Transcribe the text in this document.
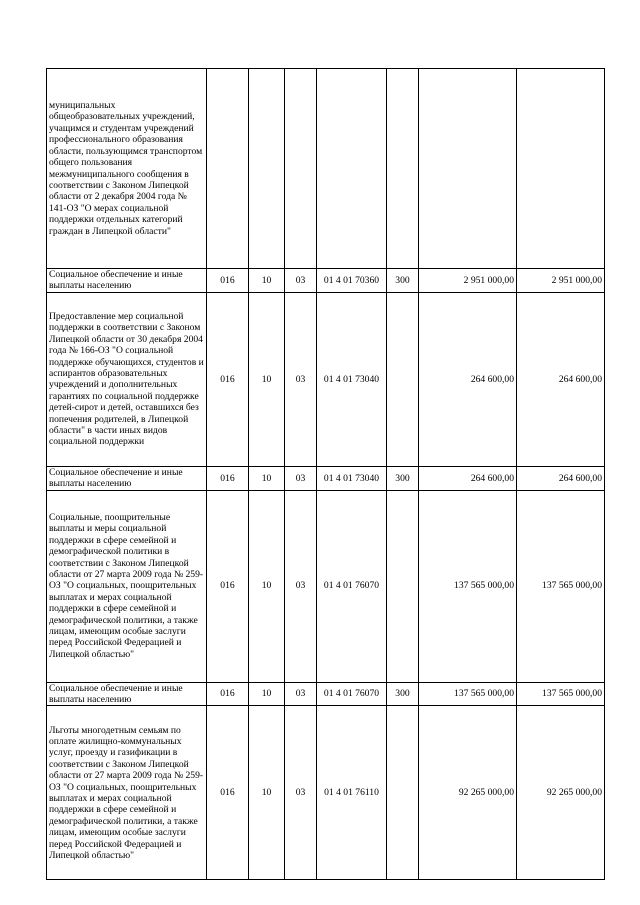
муниципальных общеобразовательных учреждений, учащимся и студентам учреждений профессионального образования области, пользующимся транспортом общего пользования межмуниципального сообщения в соответствии с Законом Липецкой области от 2 декабря 2004 года № 141-ОЗ "О мерах социальной поддержки отдельных категорий граждан в Липецкой области"							
Социальное обеспечение и иные выплаты населению	016	10	03	01 4 01 70360	300	2 951 000,00	2 951 000,00
Предоставление мер социальной поддержки в соответствии с Законом Липецкой области от 30 декабря 2004 года № 166-ОЗ "О социальной поддержке обучающихся, студентов и аспирантов образовательных учреждений и дополнительных гарантиях по социальной поддержке детей-сирот и детей, оставшихся без попечения родителей, в Липецкой области" в части иных видов социальной поддержки	016	10	03	01 4 01 73040		264 600,00	264 600,00
Социальное обеспечение и иные выплаты населению	016	10	03	01 4 01 73040	300	264 600,00	264 600,00
Социальные, поощрительные выплаты и меры социальной поддержки в сфере семейной и демографической политики в соответствии с Законом Липецкой области от 27 марта 2009 года № 259-ОЗ "О социальных, поощрительных выплатах и мерах социальной поддержки в сфере семейной и демографической политики, а также лицам, имеющим особые заслуги перед Российской Федерацией и Липецкой областью"	016	10	03	01 4 01 76070		137 565 000,00	137 565 000,00
Социальное обеспечение и иные выплаты населению	016	10	03	01 4 01 76070	300	137 565 000,00	137 565 000,00
Льготы многодетным семьям по оплате жилищно-коммунальных услуг, проезду и газификации в соответствии с Законом Липецкой области от 27 марта 2009 года № 259-ОЗ "О социальных, поощрительных выплатах и мерах социальной поддержки в сфере семейной и демографической политики, а также лицам, имеющим особые заслуги перед Российской Федерацией и Липецкой областью"	016	10	03	01 4 01 76110		92 265 000,00	92 265 000,00
